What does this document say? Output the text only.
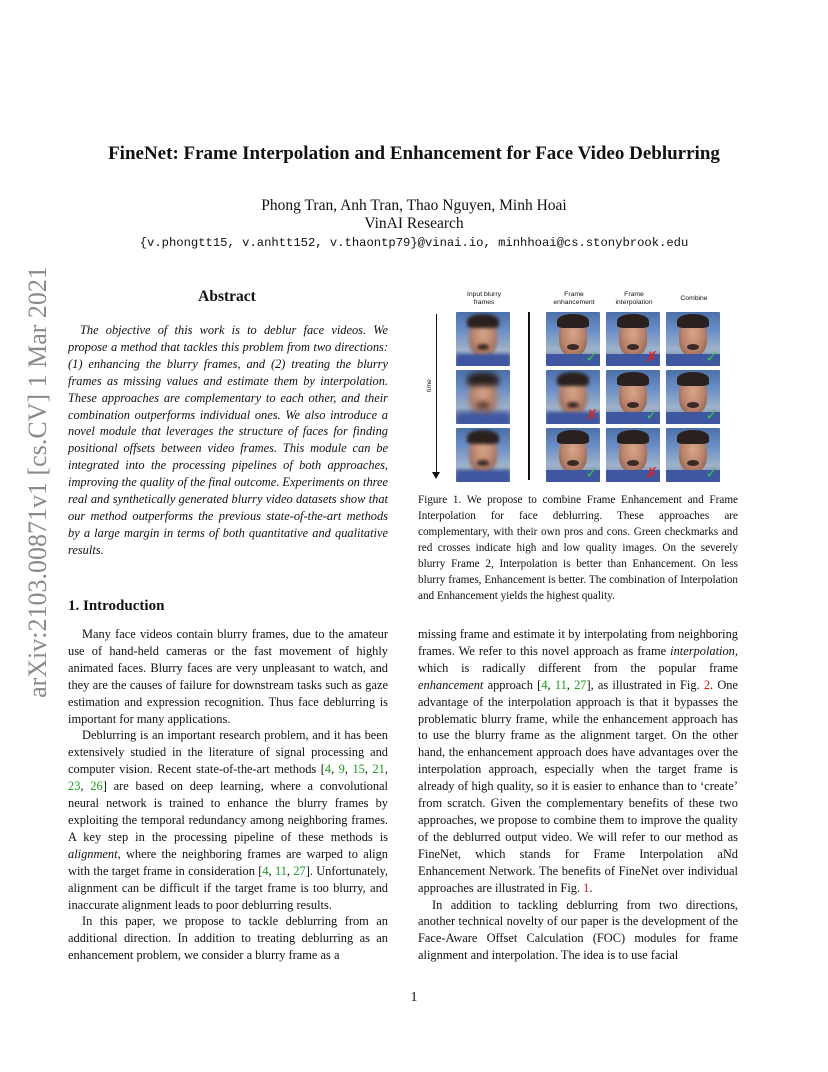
arXiv:2103.00871v1 [cs.CV] 1 Mar 2021
FineNet: Frame Interpolation and Enhancement for Face Video Deblurring
Phong Tran, Anh Tran, Thao Nguyen, Minh Hoai
VinAI Research
{v.phongtt15, v.anhtt152, v.thaontp79}@vinai.io, minhhoai@cs.stonybrook.edu
Abstract

The objective of this work is to deblur face videos. We propose a method that tackles this problem from two directions: (1) enhancing the blurry frames, and (2) treating the blurry frames as missing values and estimate them by interpolation. These approaches are complementary to each other, and their combination outperforms individual ones. We also introduce a novel module that leverages the structure of faces for finding positional offsets between video frames. This module can be integrated into the processing pipelines of both approaches, improving the quality of the final outcome. Experiments on three real and synthetically generated blurry video datasets show that our method outperforms the previous state-of-the-art methods by a large margin in terms of both quantitative and qualitative results.

Input blurry frames
Frame enhancement
Frame interpolation
Combine
time
✓	✗	✓
✗	✓	✓
✓	✗	✓

Figure 1. We propose to combine Frame Enhancement and Frame Interpolation for face deblurring. These approaches are complementary, with their own pros and cons. Green checkmarks and red crosses indicate high and low quality images. On the severely blurry Frame 2, Interpolation is better than Enhancement. On less blurry frames, Enhancement is better. The combination of Interpolation and Enhancement yields the highest quality.

1. Introduction

Many face videos contain blurry frames, due to the amateur use of hand-held cameras or the fast movement of highly animated faces. Blurry faces are very unpleasant to watch, and they are the causes of failure for downstream tasks such as gaze estimation and expression recognition. Thus face deblurring is important for many applications.

Deblurring is an important research problem, and it has been extensively studied in the literature of signal processing and computer vision. Recent state-of-the-art methods [4, 9, 15, 21, 23, 26] are based on deep learning, where a convolutional neural network is trained to enhance the blurry frames by exploiting the temporal redundancy among neighboring frames. A key step in the processing pipeline of these methods is alignment, where the neighboring frames are warped to align with the target frame in consideration [4, 11, 27]. Unfortunately, alignment can be difficult if the target frame is too blurry, and inaccurate alignment leads to poor deblurring results.

In this paper, we propose to tackle deblurring from an additional direction. In addition to treating deblurring as an enhancement problem, we consider a blurry frame as a

missing frame and estimate it by interpolating from neighboring frames. We refer to this novel approach as frame interpolation, which is radically different from the popular frame enhancement approach [4, 11, 27], as illustrated in Fig. 2. One advantage of the interpolation approach is that it bypasses the problematic blurry frame, while the enhancement approach has to use the blurry frame as the alignment target. On the other hand, the enhancement approach does have advantages over the interpolation approach, especially when the target frame is already of high quality, so it is easier to enhance than to ‘create’ from scratch. Given the complementary benefits of these two approaches, we propose to combine them to improve the quality of the deblurred output video. We will refer to our method as FineNet, which stands for Frame Interpolation aNd Enhancement Network. The benefits of FineNet over individual approaches are illustrated in Fig. 1.

In addition to tackling deblurring from two directions, another technical novelty of our paper is the development of the Face-Aware Offset Calculation (FOC) modules for frame alignment and interpolation. The idea is to use facial

1
